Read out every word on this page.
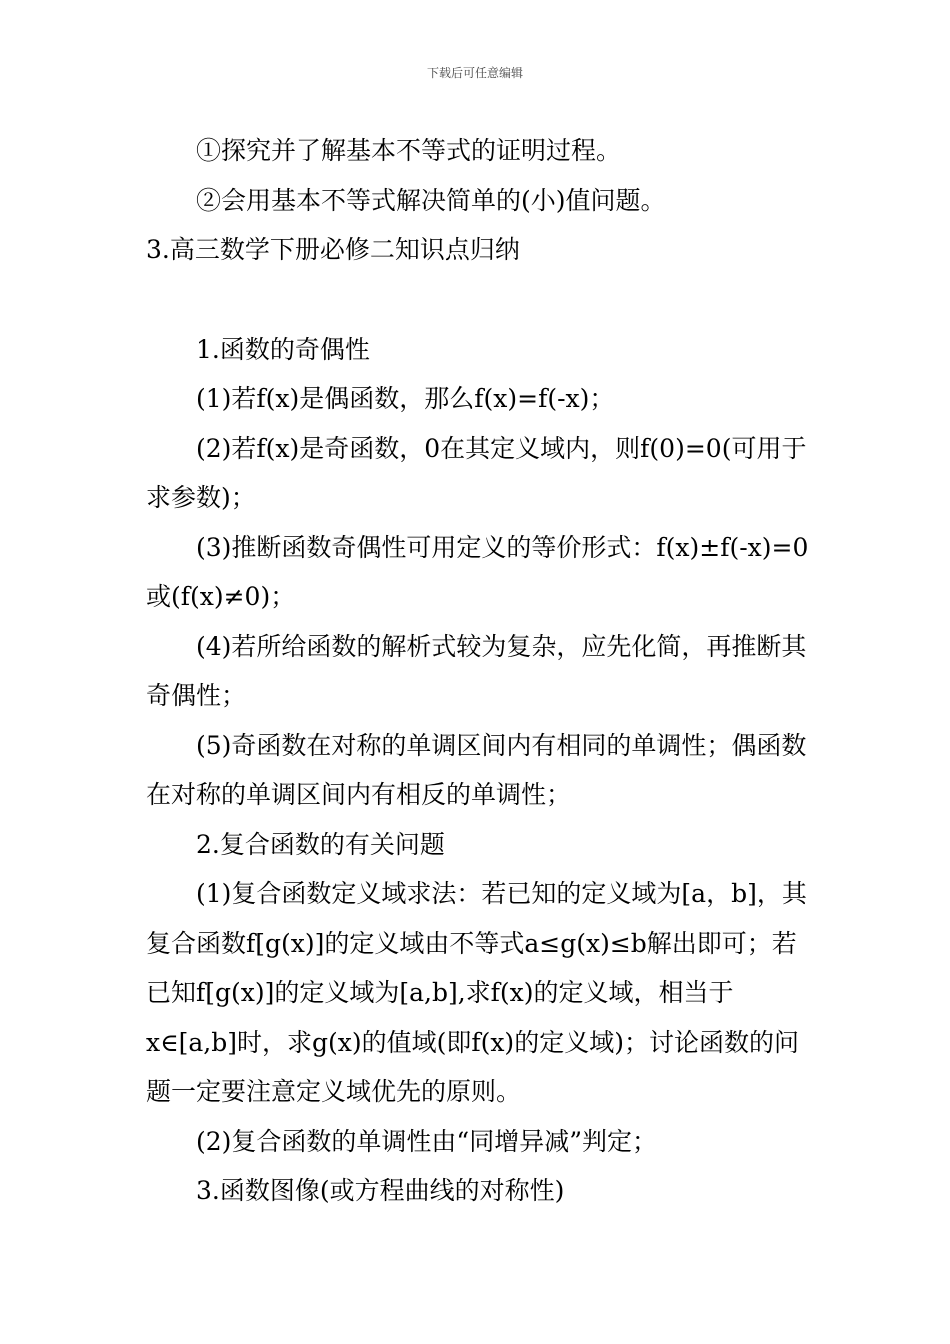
下载后可任意编辑

①探究并了解基本不等式的证明过程。

②会用基本不等式解决简单的(小)值问题。

3.高三数学下册必修二知识点归纳

1.函数的奇偶性

(1)若f(x)是偶函数，那么f(x)=f(-x)；

(2)若f(x)是奇函数，0在其定义域内，则f(0)=0(可用于求参数)；

(3)推断函数奇偶性可用定义的等价形式：f(x)±f(-x)=0或(f(x)≠0)；

(4)若所给函数的解析式较为复杂，应先化简，再推断其奇偶性；

(5)奇函数在对称的单调区间内有相同的单调性；偶函数在对称的单调区间内有相反的单调性；

2.复合函数的有关问题

(1)复合函数定义域求法：若已知的定义域为[a，b]，其复合函数f[g(x)]的定义域由不等式a≤g(x)≤b解出即可；若已知f[g(x)]的定义域为[a,b],求f(x)的定义域，相当于x∈[a,b]时，求g(x)的值域(即f(x)的定义域)；讨论函数的问题一定要注意定义域优先的原则。

(2)复合函数的单调性由“同增异减”判定；

3.函数图像(或方程曲线的对称性)
